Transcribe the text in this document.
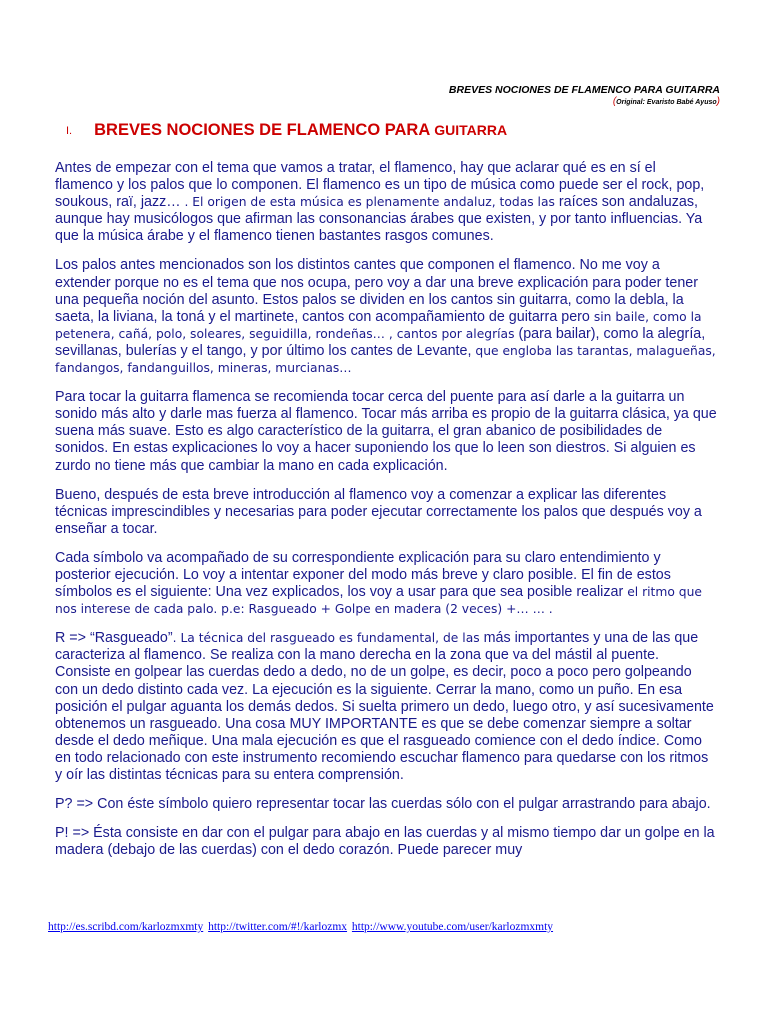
BREVES NOCIONES DE FLAMENCO PARA GUITARRA
(Original: Evaristo Babé Ayuso)
I. BREVES NOCIONES DE FLAMENCO PARA GUITARRA

Antes de empezar con el tema que vamos a tratar, el flamenco, hay que aclarar qué es en sí el flamenco y los palos que lo componen. El flamenco es un tipo de música como puede ser el rock, pop, soukous, raï, jazz… . El origen de esta música es plenamente andaluz, todas las raíces son andaluzas, aunque hay musicólogos que afirman las consonancias árabes que existen, y por tanto influencias. Ya que la música árabe y el flamenco tienen bastantes rasgos comunes.

Los palos antes mencionados son los distintos cantes que componen el flamenco. No me voy a extender porque no es el tema que nos ocupa, pero voy a dar una breve explicación para poder tener una pequeña noción del asunto. Estos palos se dividen en los cantos sin guitarra, como la debla, la saeta, la liviana, la toná y el martinete, cantos con acompañamiento de guitarra pero sin baile, como la petenera, cañá, polo, soleares, seguidilla, rondeñas… , cantos por alegrías (para bailar), como la alegría, sevillanas, bulerías y el tango, y por último los cantes de Levante, que engloba las tarantas, malagueñas, fandangos, fandanguillos, mineras, murcianas…

Para tocar la guitarra flamenca se recomienda tocar cerca del puente para así darle a la guitarra un sonido más alto y darle mas fuerza al flamenco. Tocar más arriba es propio de la guitarra clásica, ya que suena más suave. Esto es algo característico de la guitarra, el gran abanico de posibilidades de sonidos. En estas explicaciones lo voy a hacer suponiendo los que lo leen son diestros. Si alguien es zurdo no tiene más que cambiar la mano en cada explicación.

Bueno, después de esta breve introducción al flamenco voy a comenzar a explicar las diferentes técnicas imprescindibles y necesarias para poder ejecutar correctamente los palos que después voy a enseñar a tocar.

Cada símbolo va acompañado de su correspondiente explicación para su claro entendimiento y posterior ejecución. Lo voy a intentar exponer del modo más breve y claro posible. El fin de estos símbolos es el siguiente: Una vez explicados, los voy a usar para que sea posible realizar el ritmo que nos interese de cada palo. p.e: Rasgueado + Golpe en madera (2 veces) +… … .

R => “Rasgueado”. La técnica del rasgueado es fundamental, de las más importantes y una de las que caracteriza al flamenco. Se realiza con la mano derecha en la zona que va del mástil al puente. Consiste en golpear las cuerdas dedo a dedo, no de un golpe, es decir, poco a poco pero golpeando con un dedo distinto cada vez. La ejecución es la siguiente. Cerrar la mano, como un puño. En esa posición el pulgar aguanta los demás dedos. Si suelta primero un dedo, luego otro, y así sucesivamente obtenemos un rasgueado. Una cosa MUY IMPORTANTE es que se debe comenzar siempre a soltar desde el dedo meñique. Una mala ejecución es que el rasgueado comience con el dedo índice. Como en todo relacionado con este instrumento recomiendo escuchar flamenco para quedarse con los ritmos y oír las distintas técnicas para su entera comprensión.

P? => Con éste símbolo quiero representar tocar las cuerdas sólo con el pulgar arrastrando para abajo.

P! => Ésta consiste en dar con el pulgar para abajo en las cuerdas y al mismo tiempo dar un golpe en la madera (debajo de las cuerdas) con el dedo corazón. Puede parecer muy

http://es.scribd.com/karlozmxmty http://twitter.com/#!/karlozmx http://www.youtube.com/user/karlozmxmty
